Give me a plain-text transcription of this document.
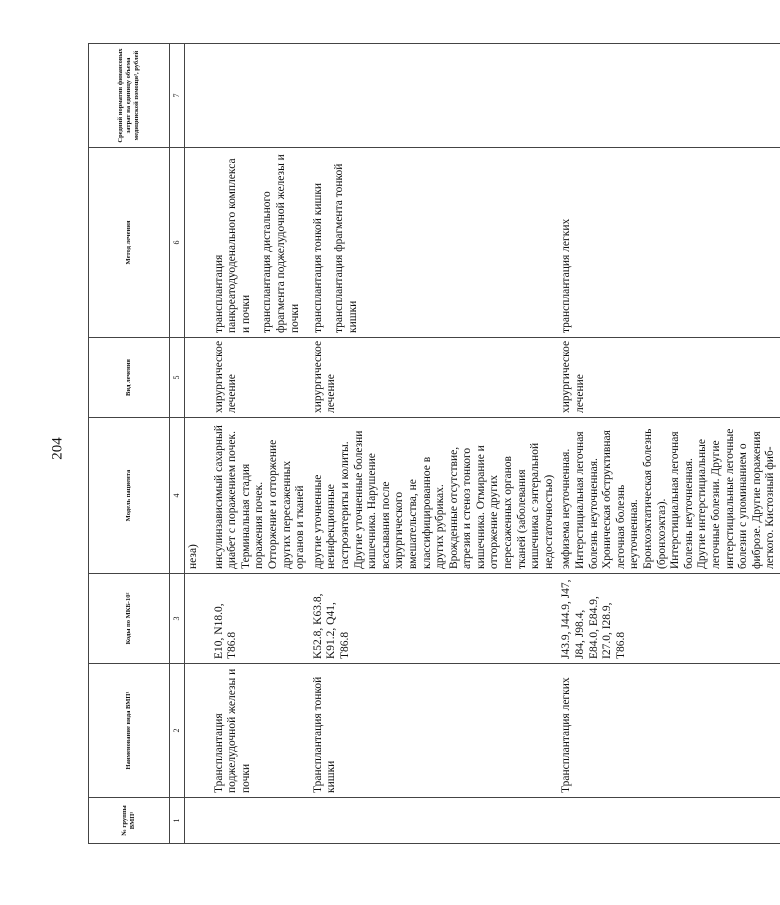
204
№ группы ВМП¹	Наименование вида ВМП¹	Коды по МКБ-10²	Модель пациента	Вид лечения	Метод лечения	Средний норматив финансовых затрат на единицу объема медицинской помощи³, рублей
1	2	3	4	5	6	7
			неза)			
	Трансплантация поджелудочной железы и почки	E10, N18.0, T86.8	инсулинзависимый сахарный диабет с поражением почек. Терминальная стадия поражения почек. Отторжение и отторжение других пересаженных органов и тканей	хирургическое лечение	трансплантация панкреатодуоденального комплекса и почки трансплантация дистального фрагмента поджелудочной железы и почки	

	Трансплантация тонкой кишки	K52.8, K63.8, K91.2, Q41, T86.8	другие уточненные неинфекционные гастроэнтериты и колиты. Другие уточненные болезни кишечника. Нарушение всасывания после хирургического вмешательства, не классифицированное в других рубриках. Врожденные отсутствие, атрезия и стеноз тонкого кишечника. Отмирание и отторжение других пересаженных органов тканей (заболевания кишечника с энтеральной недостаточностью)	хирургическое лечение	трансплантация тонкой кишки трансплантация фрагмента тонкой кишки	

	Трансплантация легких	J43.9, J44.9, J47, J84, J98.4, E84.0, E84.9, I27.0, I28.9, T86.8	эмфизема неуточненная. Интерстициальная легочная болезнь неуточненная. Хроническая обструктивная легочная болезнь неуточненная. Бронхоэктатическая болезнь (бронхоэктаз). Интерстициальная легочная болезнь неуточненная. Другие интерстициальные легочные болезни. Другие интерстициальные легочные болезни с упоминанием о фиброзе. Другие поражения легкого. Кистозный фиб-	хирургическое лечение	трансплантация легких	
